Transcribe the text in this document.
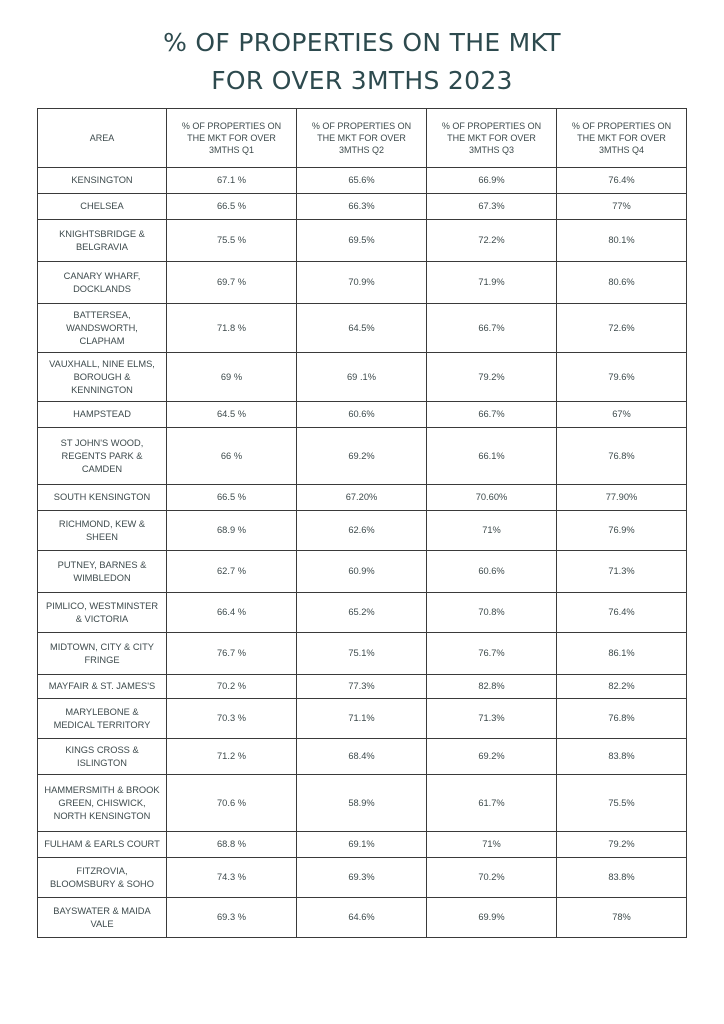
% OF PROPERTIES ON THE MKT
FOR OVER 3MTHS 2023
AREA	% OF PROPERTIES ON THE MKT FOR OVER 3MTHS Q1	% OF PROPERTIES ON THE MKT FOR OVER 3MTHS Q2	% OF PROPERTIES ON THE MKT FOR OVER 3MTHS Q3	% OF PROPERTIES ON THE MKT FOR OVER 3MTHS Q4
KENSINGTON	67.1 %	65.6%	66.9%	76.4%
CHELSEA	66.5 %	66.3%	67.3%	77%
KNIGHTSBRIDGE & BELGRAVIA	75.5 %	69.5%	72.2%	80.1%
CANARY WHARF, DOCKLANDS	69.7 %	70.9%	71.9%	80.6%
BATTERSEA, WANDSWORTH, CLAPHAM	71.8 %	64.5%	66.7%	72.6%
VAUXHALL, NINE ELMS, BOROUGH & KENNINGTON	69 %	69 .1%	79.2%	79.6%
HAMPSTEAD	64.5 %	60.6%	66.7%	67%
ST JOHN'S WOOD, REGENTS PARK & CAMDEN	66 %	69.2%	66.1%	76.8%
SOUTH KENSINGTON	66.5 %	67.20%	70.60%	77.90%
RICHMOND, KEW & SHEEN	68.9 %	62.6%	71%	76.9%
PUTNEY, BARNES & WIMBLEDON	62.7 %	60.9%	60.6%	71.3%
PIMLICO, WESTMINSTER & VICTORIA	66.4 %	65.2%	70.8%	76.4%
MIDTOWN, CITY & CITY FRINGE	76.7 %	75.1%	76.7%	86.1%
MAYFAIR & ST. JAMES'S	70.2 %	77.3%	82.8%	82.2%
MARYLEBONE & MEDICAL TERRITORY	70.3 %	71.1%	71.3%	76.8%
KINGS CROSS & ISLINGTON	71.2 %	68.4%	69.2%	83.8%
HAMMERSMITH & BROOK GREEN, CHISWICK, NORTH KENSINGTON	70.6 %	58.9%	61.7%	75.5%
FULHAM & EARLS COURT	68.8 %	69.1%	71%	79.2%
FITZROVIA, BLOOMSBURY & SOHO	74.3 %	69.3%	70.2%	83.8%
BAYSWATER & MAIDA VALE	69.3 %	64.6%	69.9%	78%
